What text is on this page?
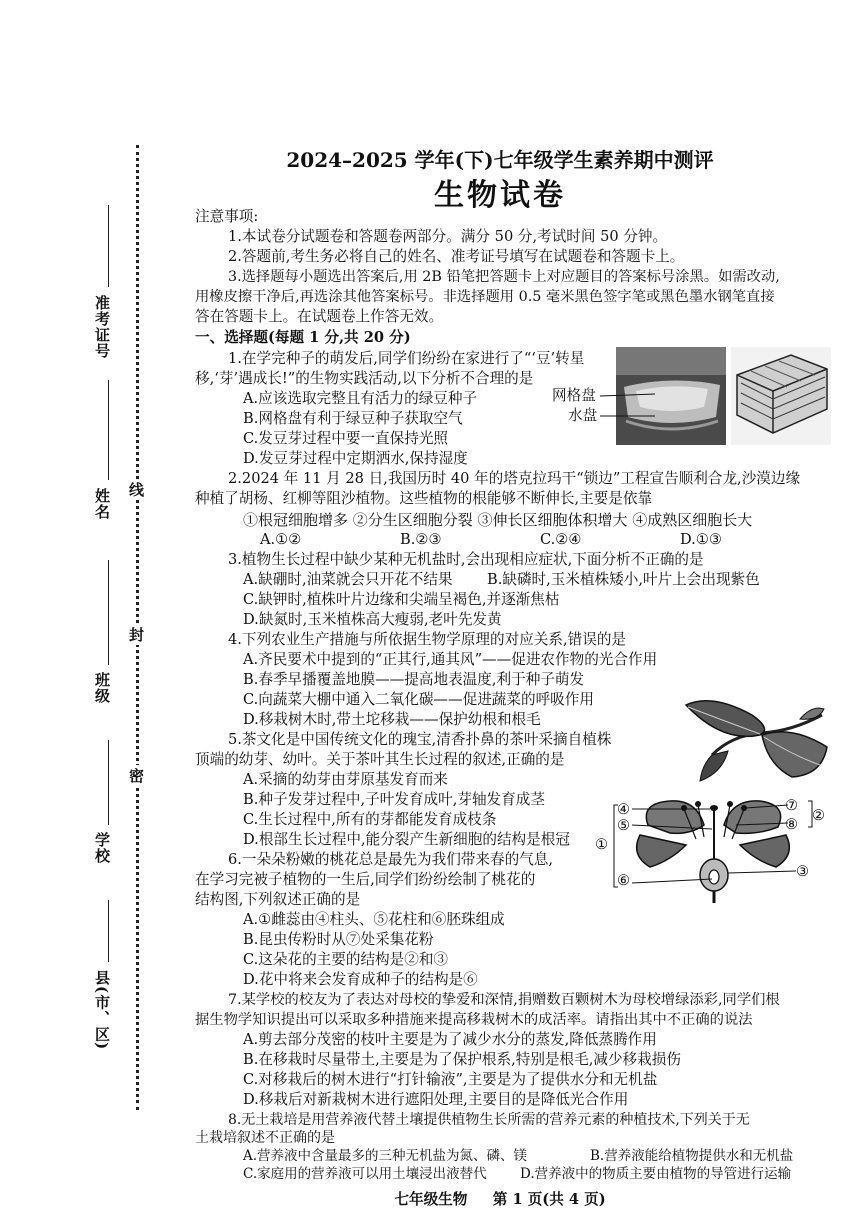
准考证号
姓名
班级
学校
县(市、区)
线
封
密
2024–2025 学年(下)七年级学生素养期中测评
生物试卷
注意事项:
1.本试卷分试题卷和答题卷两部分。满分 50 分,考试时间 50 分钟。
2.答题前,考生务必将自己的姓名、准考证号填写在试题卷和答题卡上。
3.选择题每小题选出答案后,用 2B 铅笔把答题卡上对应题目的答案标号涂黑。如需改动,
用橡皮擦干净后,再选涂其他答案标号。非选择题用 0.5 毫米黑色签字笔或黑色墨水钢笔直接
答在答题卡上。在试题卷上作答无效。
一、选择题(每题 1 分,共 20 分)
1.在学完种子的萌发后,同学们纷纷在家进行了“‘豆’转星
移,‘芽’遇成长!”的生物实践活动,以下分析不合理的是
A.应该选取完整且有活力的绿豆种子
B.网格盘有利于绿豆种子获取空气
C.发豆芽过程中要一直保持光照
D.发豆芽过程中定期洒水,保持湿度
网格盘
水盘
2.2024 年 11 月 28 日,我国历时 40 年的塔克拉玛干“锁边”工程宣告顺利合龙,沙漠边缘
种植了胡杨、红柳等阻沙植物。这些植物的根能够不断伸长,主要是依靠
①根冠细胞增多 ②分生区细胞分裂 ③伸长区细胞体积增大 ④成熟区细胞长大
A.①②	B.②③	C.②④	D.①③
3.植物生长过程中缺少某种无机盐时,会出现相应症状,下面分析不正确的是
A.缺硼时,油菜就会只开花不结果 B.缺磷时,玉米植株矮小,叶片上会出现紫色
C.缺钾时,植株叶片边缘和尖端呈褐色,并逐渐焦枯
D.缺氮时,玉米植株高大瘦弱,老叶先发黄
4.下列农业生产措施与所依据生物学原理的对应关系,错误的是
A.齐民要术中提到的“正其行,通其风”——促进农作物的光合作用
B.春季早播覆盖地膜——提高地表温度,利于种子萌发
C.向蔬菜大棚中通入二氧化碳——促进蔬菜的呼吸作用
D.移栽树木时,带土坨移栽——保护幼根和根毛
5.茶文化是中国传统文化的瑰宝,清香扑鼻的茶叶采摘自植株
顶端的幼芽、幼叶。关于茶叶其生长过程的叙述,正确的是
A.采摘的幼芽由芽原基发育而来
B.种子发芽过程中,子叶发育成叶,芽轴发育成茎
C.生长过程中,所有的芽都能发育成枝条
D.根部生长过程中,能分裂产生新细胞的结构是根冠
6.一朵朵粉嫩的桃花总是最先为我们带来春的气息,
在学习完被子植物的一生后,同学们纷纷绘制了桃花的
结构图,下列叙述正确的是
A.①雌蕊由④柱头、⑤花柱和⑥胚珠组成
B.昆虫传粉时从⑦处采集花粉
C.这朵花的主要的结构是②和③
D.花中将来会发育成种子的结构是⑥
④
⑤
①
⑥
⑦
⑧
②
③
7.某学校的校友为了表达对母校的挚爱和深情,捐赠数百颗树木为母校增绿添彩,同学们根
据生物学知识提出可以采取多种措施来提高移栽树木的成活率。请指出其中不正确的说法
A.剪去部分茂密的枝叶主要是为了减少水分的蒸发,降低蒸腾作用
B.在移栽时尽量带土,主要是为了保护根系,特别是根毛,减少移栽损伤
C.对移栽后的树木进行“打针输液”,主要是为了提供水分和无机盐
D.移栽后对新栽树木进行遮阳处理,主要目的是降低光合作用
8.无土栽培是用营养液代替土壤提供植物生长所需的营养元素的种植技术,下列关于无
土栽培叙述不正确的是
A.营养液中含量最多的三种无机盐为氮、磷、镁	B.营养液能给植物提供水和无机盐
C.家庭用的营养液可以用土壤浸出液替代 D.营养液中的物质主要由植物的导管进行运输
七年级生物 第 1 页(共 4 页)
